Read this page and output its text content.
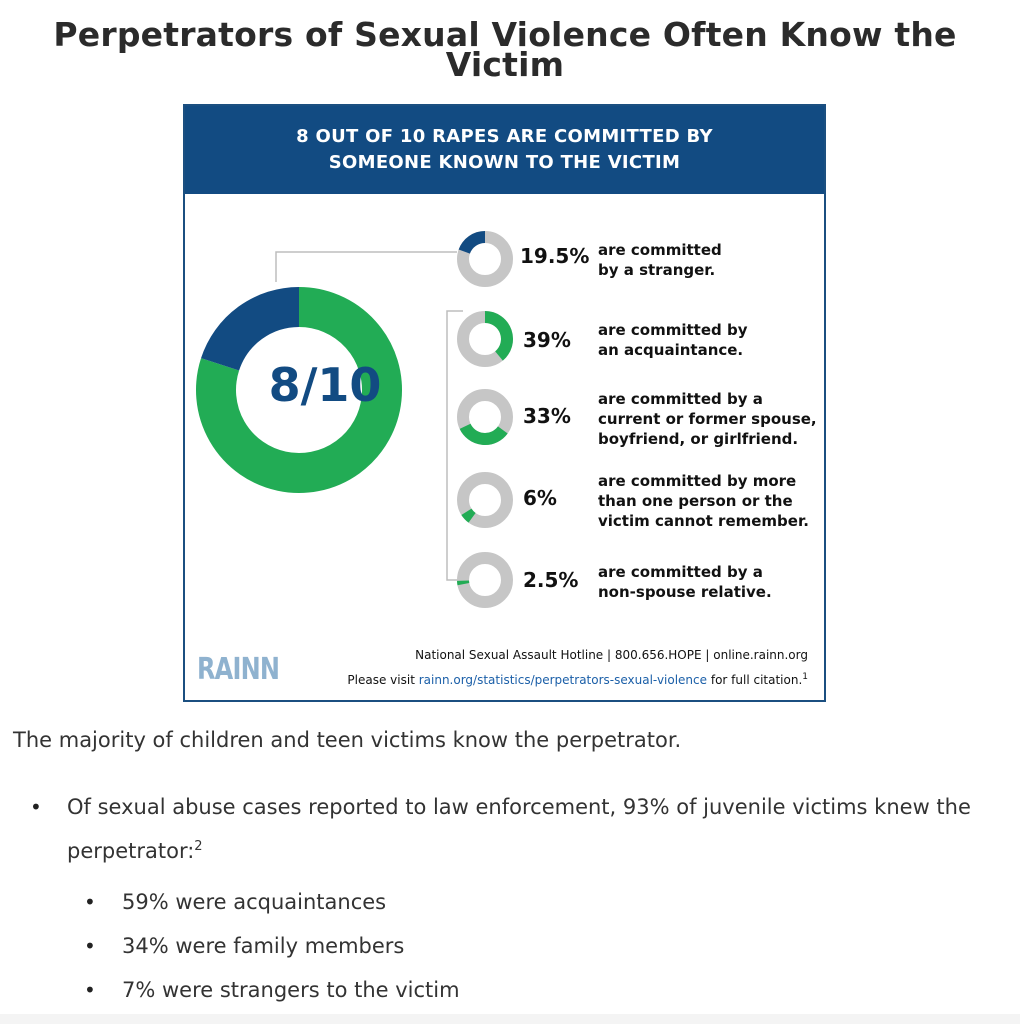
Perpetrators of Sexual Violence Often Know the Victim
8 OUT OF 10 RAPES ARE COMMITTED BY
SOMEONE KNOWN TO THE VICTIM
8/10
19.5% are committed
by a stranger.
39% are committed by
an acquaintance.
33%
are committed by a
current or former spouse,
boyfriend, or girlfriend.
6%
are committed by more
than one person or the
victim cannot remember.
2.5% are committed by a
non-spouse relative.
RAINN	National Sexual Assault Hotline | 800.656.HOPE | online.rainn.org
Please visit rainn.org/statistics/perpetrators-sexual-violence for full citation.$^1$

The majority of children and teen victims know the perpetrator.

• Of sexual abuse cases reported to law enforcement, 93% of juvenile victims knew the perpetrator:$^2$
• 59% were acquaintances
• 34% were family members
• 7% were strangers to the victim
